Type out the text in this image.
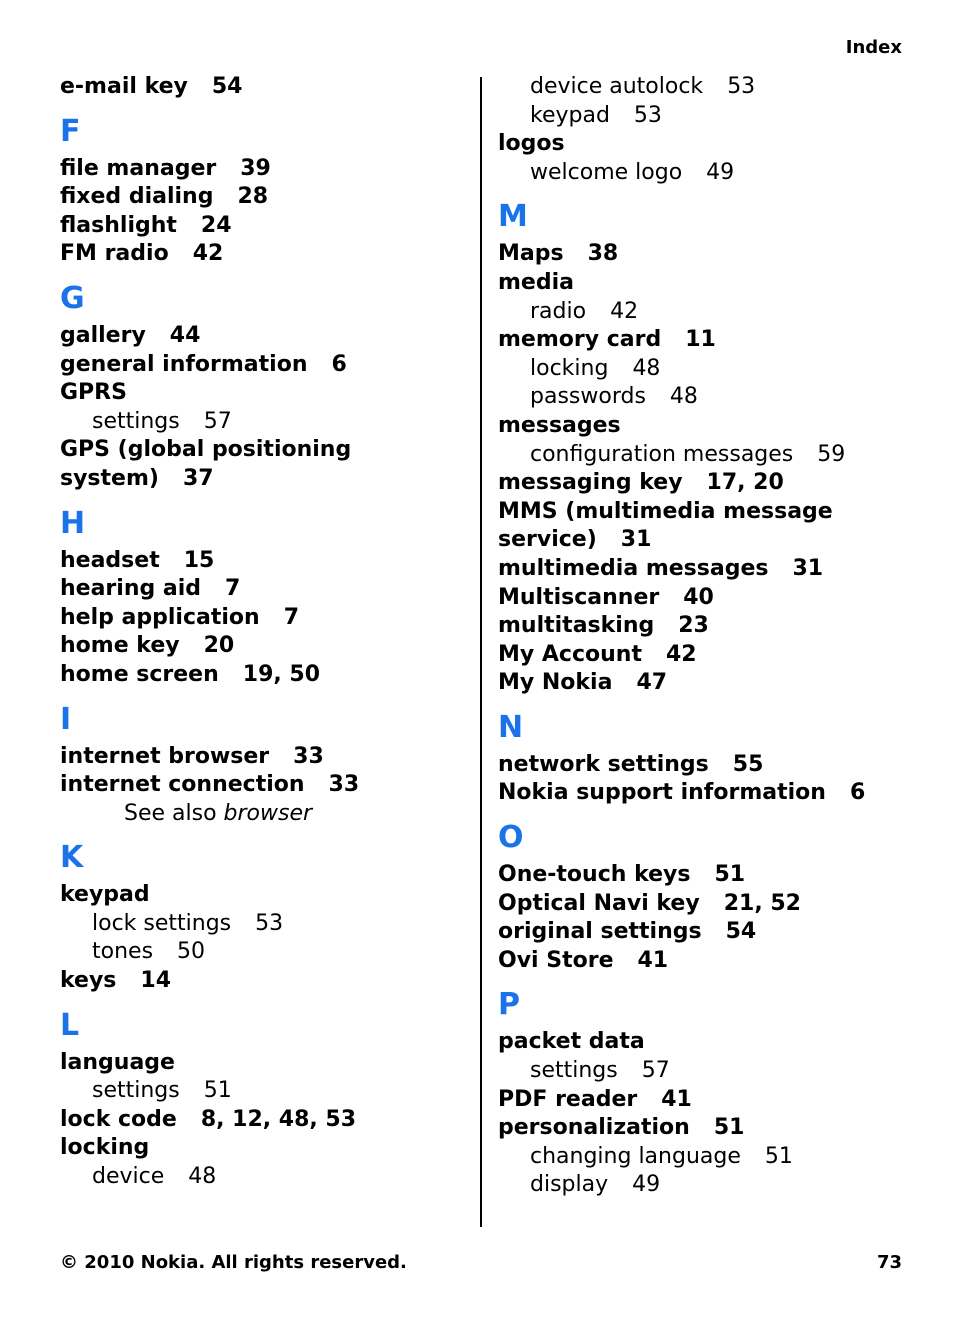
Index
e-mail key 54
F
file manager 39
fixed dialing 28
flashlight 24
FM radio 42
G
gallery 44
general information 6
GPRS
settings 57
GPS (global positioning
system) 37
H
headset 15
hearing aid 7
help application 7
home key 20
home screen 19, 50
I
internet browser 33
internet connection 33
See also browser
K
keypad
lock settings 53
tones 50
keys 14
L
language
settings 51
lock code 8, 12, 48, 53
locking
device 48
device autolock 53
keypad 53
logos
welcome logo 49
M
Maps 38
media
radio 42
memory card 11
locking 48
passwords 48
messages
configuration messages 59
messaging key 17, 20
MMS (multimedia message
service) 31
multimedia messages 31
Multiscanner 40
multitasking 23
My Account 42
My Nokia 47
N
network settings 55
Nokia support information 6
O
One-touch keys 51
Optical Navi key 21, 52
original settings 54
Ovi Store 41
P
packet data
settings 57
PDF reader 41
personalization 51
changing language 51
display 49
© 2010 Nokia. All rights reserved.	73
